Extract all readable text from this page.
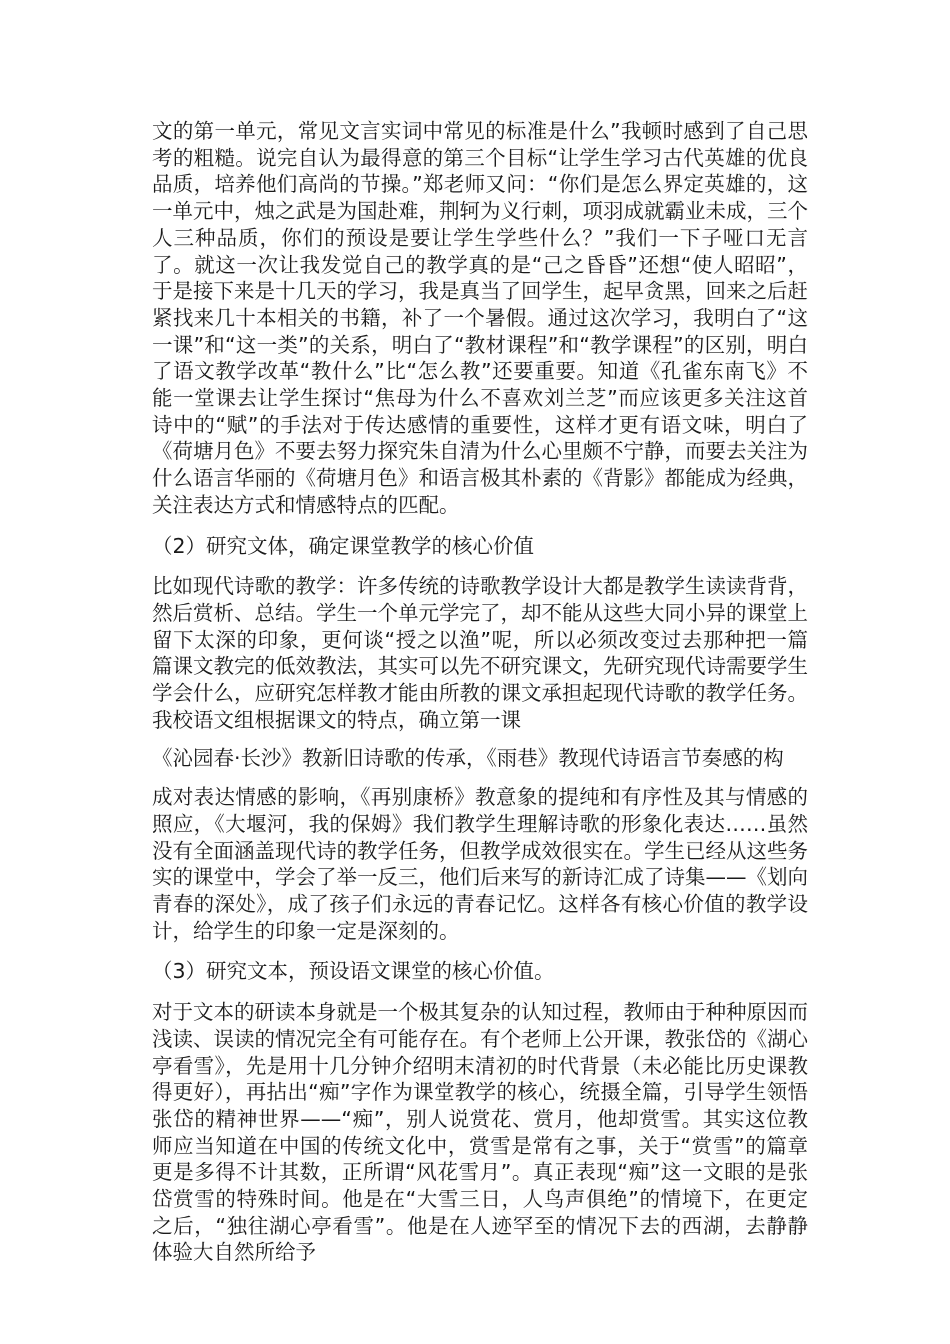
文的第一单元，常见文言实词中常见的标准是什么”我顿时感到了自己思考的粗糙。说完自认为最得意的第三个目标“让学生学习古代英雄的优良品质，培养他们高尚的节操。”郑老师又问：“你们是怎么界定英雄的，这一单元中，烛之武是为国赴难，荆轲为义行刺，项羽成就霸业未成，三个人三种品质，你们的预设是要让学生学些什么？”我们一下子哑口无言了。就这一次让我发觉自己的教学真的是“己之昏昏”还想“使人昭昭”，于是接下来是十几天的学习，我是真当了回学生，起早贪黑，回来之后赶紧找来几十本相关的书籍，补了一个暑假。通过这次学习，我明白了“这一课”和“这一类”的关系，明白了“教材课程”和“教学课程”的区别，明白了语文教学改革“教什么”比“怎么教”还要重要。知道《孔雀东南飞》不能一堂课去让学生探讨“焦母为什么不喜欢刘兰芝”而应该更多关注这首诗中的“赋”的手法对于传达感情的重要性，这样才更有语文味，明白了《荷塘月色》不要去努力探究朱自清为什么心里颇不宁静，而要去关注为什么语言华丽的《荷塘月色》和语言极其朴素的《背影》都能成为经典，关注表达方式和情感特点的匹配。

（2）研究文体，确定课堂教学的核心价值

比如现代诗歌的教学：许多传统的诗歌教学设计大都是教学生读读背背，然后赏析、总结。学生一个单元学完了，却不能从这些大同小异的课堂上留下太深的印象，更何谈“授之以渔”呢，所以必须改变过去那种把一篇篇课文教完的低效教法，其实可以先不研究课文，先研究现代诗需要学生学会什么，应研究怎样教才能由所教的课文承担起现代诗歌的教学任务。我校语文组根据课文的特点，确立第一课

《沁园春·长沙》教新旧诗歌的传承，《雨巷》教现代诗语言节奏感的构

成对表达情感的影响，《再别康桥》教意象的提纯和有序性及其与情感的照应，《大堰河，我的保姆》我们教学生理解诗歌的形象化表达……虽然没有全面涵盖现代诗的教学任务，但教学成效很实在。学生已经从这些务实的课堂中，学会了举一反三，他们后来写的新诗汇成了诗集——《划向青春的深处》，成了孩子们永远的青春记忆。这样各有核心价值的教学设计，给学生的印象一定是深刻的。

（3）研究文本，预设语文课堂的核心价值。

对于文本的研读本身就是一个极其复杂的认知过程，教师由于种种原因而浅读、误读的情况完全有可能存在。有个老师上公开课，教张岱的《湖心亭看雪》，先是用十几分钟介绍明末清初的时代背景（未必能比历史课教得更好），再拈出“痴”字作为课堂教学的核心，统摄全篇，引导学生领悟张岱的精神世界——“痴”，别人说赏花、赏月，他却赏雪。其实这位教师应当知道在中国的传统文化中，赏雪是常有之事，关于“赏雪”的篇章更是多得不计其数，正所谓“风花雪月”。真正表现“痴”这一文眼的是张岱赏雪的特殊时间。他是在“大雪三日，人鸟声俱绝”的情境下，在更定之后，“独往湖心亭看雪”。他是在人迹罕至的情况下去的西湖，去静静体验大自然所给予
